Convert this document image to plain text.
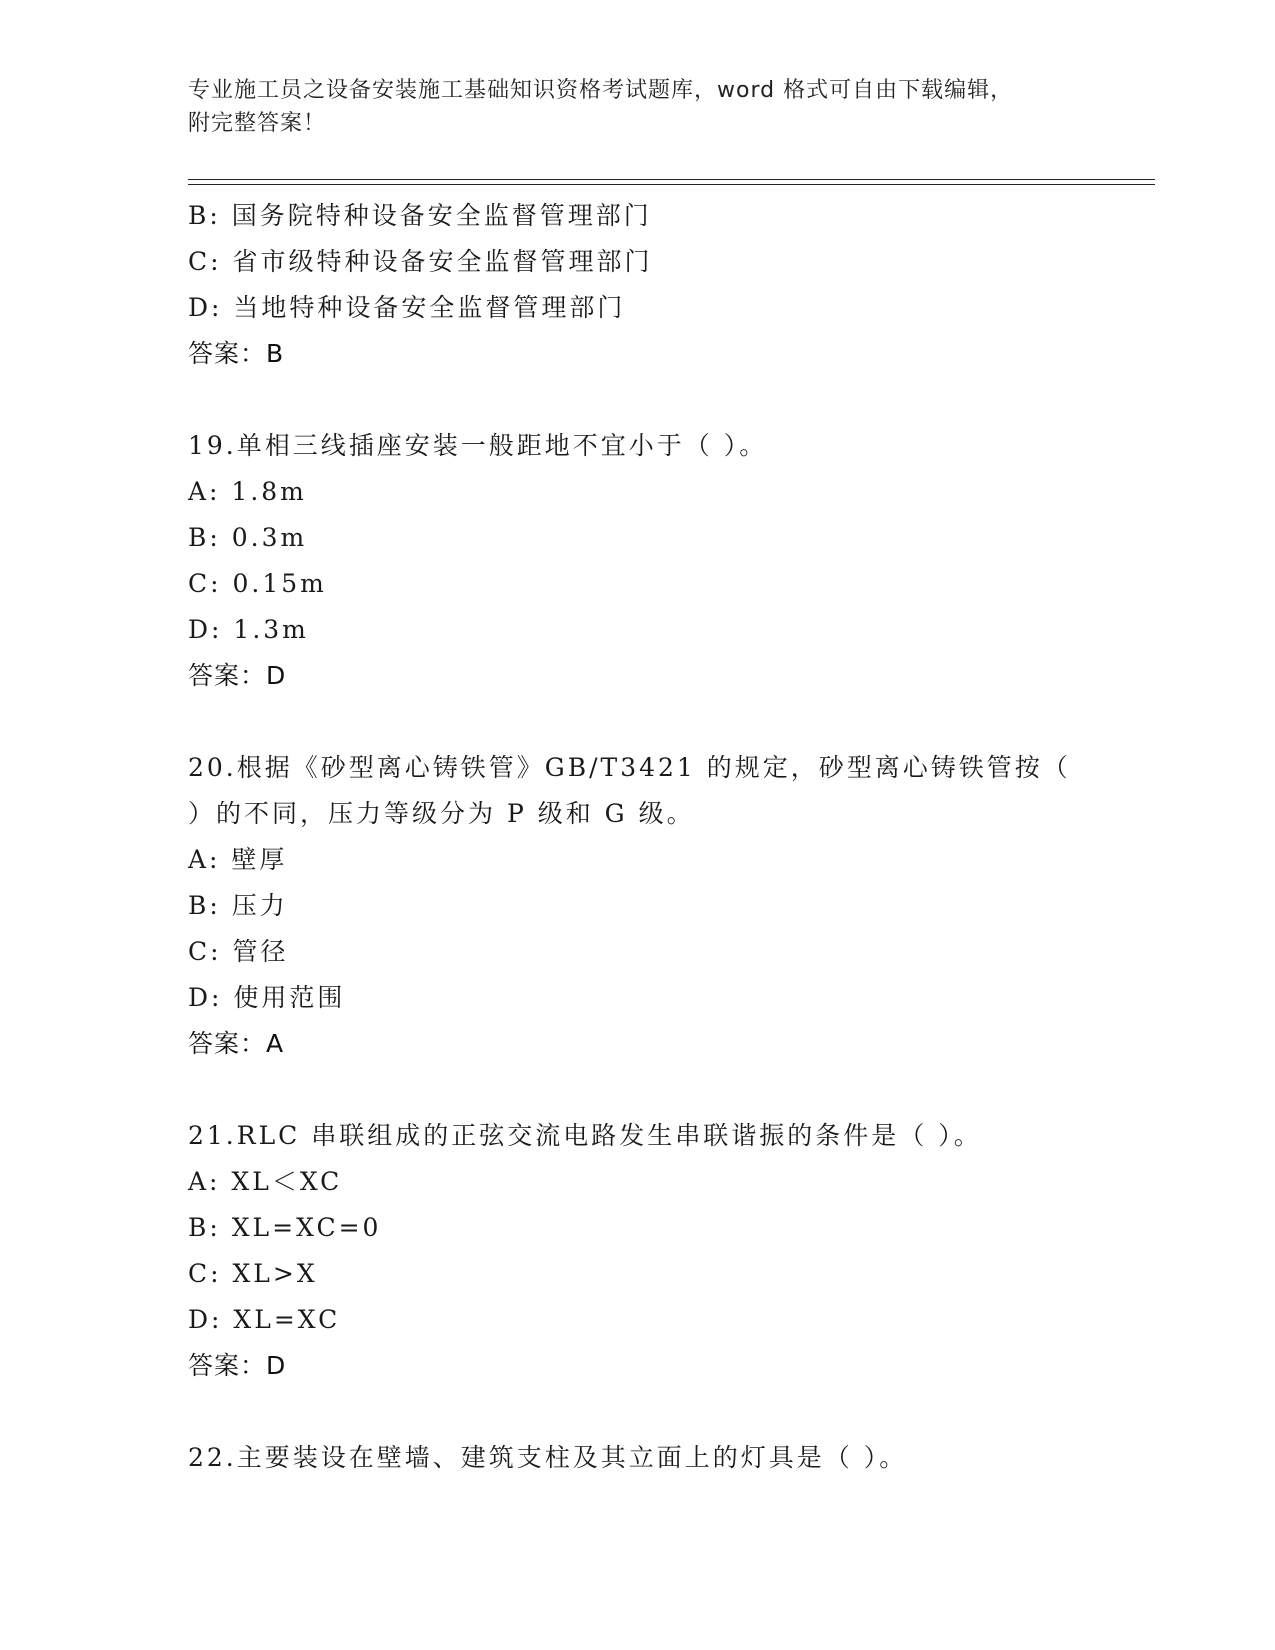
专业施工员之设备安装施工基础知识资格考试题库，word 格式可自由下载编辑，
附完整答案！
B: 国务院特种设备安全监督管理部门
C: 省市级特种设备安全监督管理部门
D: 当地特种设备安全监督管理部门
答案：B
19.单相三线插座安装一般距地不宜小于（ ）。
A: 1.8m
B: 0.3m
C: 0.15m
D: 1.3m
答案：D
20.根据《砂型离心铸铁管》GB/T3421 的规定，砂型离心铸铁管按（
）的不同，压力等级分为 P 级和 G 级。
A: 壁厚
B: 压力
C: 管径
D: 使用范围
答案：A
21.RLC 串联组成的正弦交流电路发生串联谐振的条件是（ ）。
A: XL＜XC
B: XL=XC=0
C: XL>X
D: XL=XC
答案：D
22.主要装设在壁墙、建筑支柱及其立面上的灯具是（ ）。
